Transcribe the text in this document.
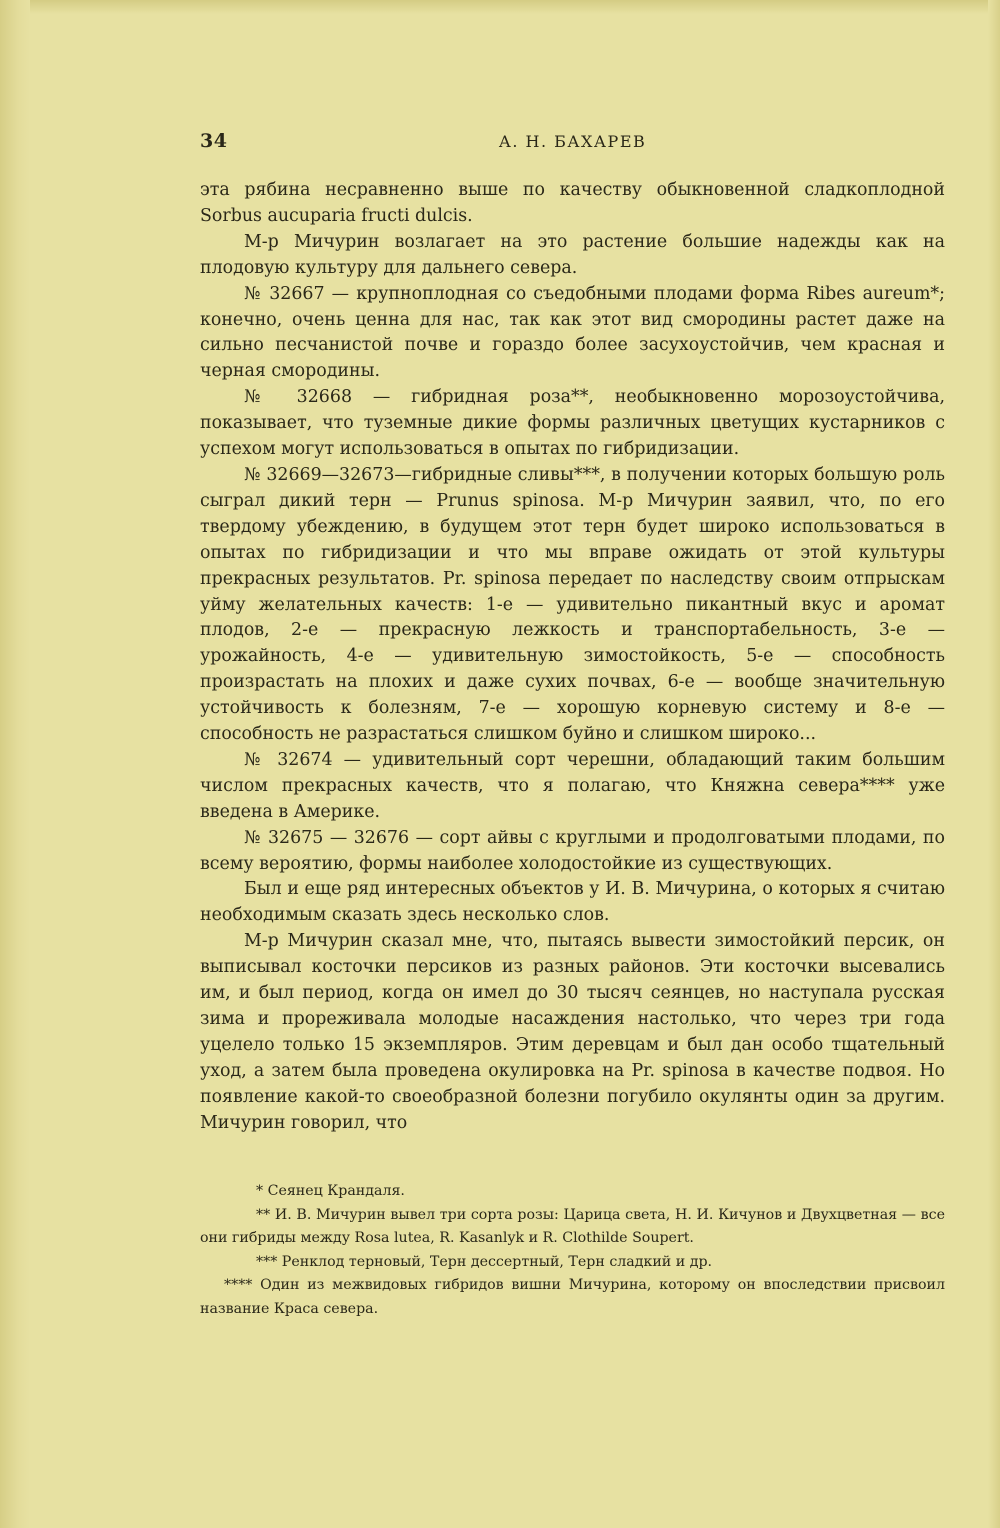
34	А. Н. БАХАРЕВ

эта рябина несравненно выше по качеству обыкновенной сладкоплодной Sorbus aucuparia fructi dulcis.

М-р Мичурин возлагает на это растение большие надежды как на плодовую культуру для дальнего севера.

№ 32667 — крупноплодная со съедобными плодами форма Ribes aureum*; конечно, очень ценна для нас, так как этот вид смородины растет даже на сильно песчанистой почве и гораздо более засухоустойчив, чем красная и черная смородины.

№ 32668 — гибридная роза**, необыкновенно морозоустойчива, показывает, что туземные дикие формы различных цветущих кустарников с успехом могут использоваться в опытах по гибридизации.

№ 32669—32673—гибридные сливы***, в получении которых большую роль сыграл дикий терн — Prunus spinosa. М-р Мичурин заявил, что, по его твердому убеждению, в будущем этот терн будет широко использоваться в опытах по гибридизации и что мы вправе ожидать от этой культуры прекрасных результатов. Pr. spinosa передает по наследству своим отпрыскам уйму желательных качеств: 1-е — удивительно пикантный вкус и аромат плодов, 2-е — прекрасную лежкость и транспортабельность, 3-е — урожайность, 4-е — удивительную зимостойкость, 5-е — способность произрастать на плохих и даже сухих почвах, 6-е — вообще значительную устойчивость к болезням, 7-е — хорошую корневую систему и 8-е — способность не разрастаться слишком буйно и слишком широко...

№ 32674 — удивительный сорт черешни, обладающий таким большим числом прекрасных качеств, что я полагаю, что Княжна севера**** уже введена в Америке.

№ 32675 — 32676 — сорт айвы с круглыми и продолговатыми плодами, по всему вероятию, формы наиболее холодостойкие из существующих.

Был и еще ряд интересных объектов у И. В. Мичурина, о которых я считаю необходимым сказать здесь несколько слов.

М-р Мичурин сказал мне, что, пытаясь вывести зимостойкий персик, он выписывал косточки персиков из разных районов. Эти косточки высевались им, и был период, когда он имел до 30 тысяч сеянцев, но наступала русская зима и прореживала молодые насаждения настолько, что через три года уцелело только 15 экземпляров. Этим деревцам и был дан особо тщательный уход, а затем была проведена окулировка на Pr. spinosa в качестве подвоя. Но появление какой-то своеобразной болезни погубило окулянты один за другим. Мичурин говорил, что

* Сеянец Крандаля.

** И. В. Мичурин вывел три сорта розы: Царица света, Н. И. Кичунов и Двухцветная — все они гибриды между Rosa lutea, R. Kasanlyk и R. Clothilde Soupert.

*** Ренклод терновый, Терн дессертный, Терн сладкий и др.

**** Один из межвидовых гибридов вишни Мичурина, которому он впоследствии присвоил название Краса севера.
